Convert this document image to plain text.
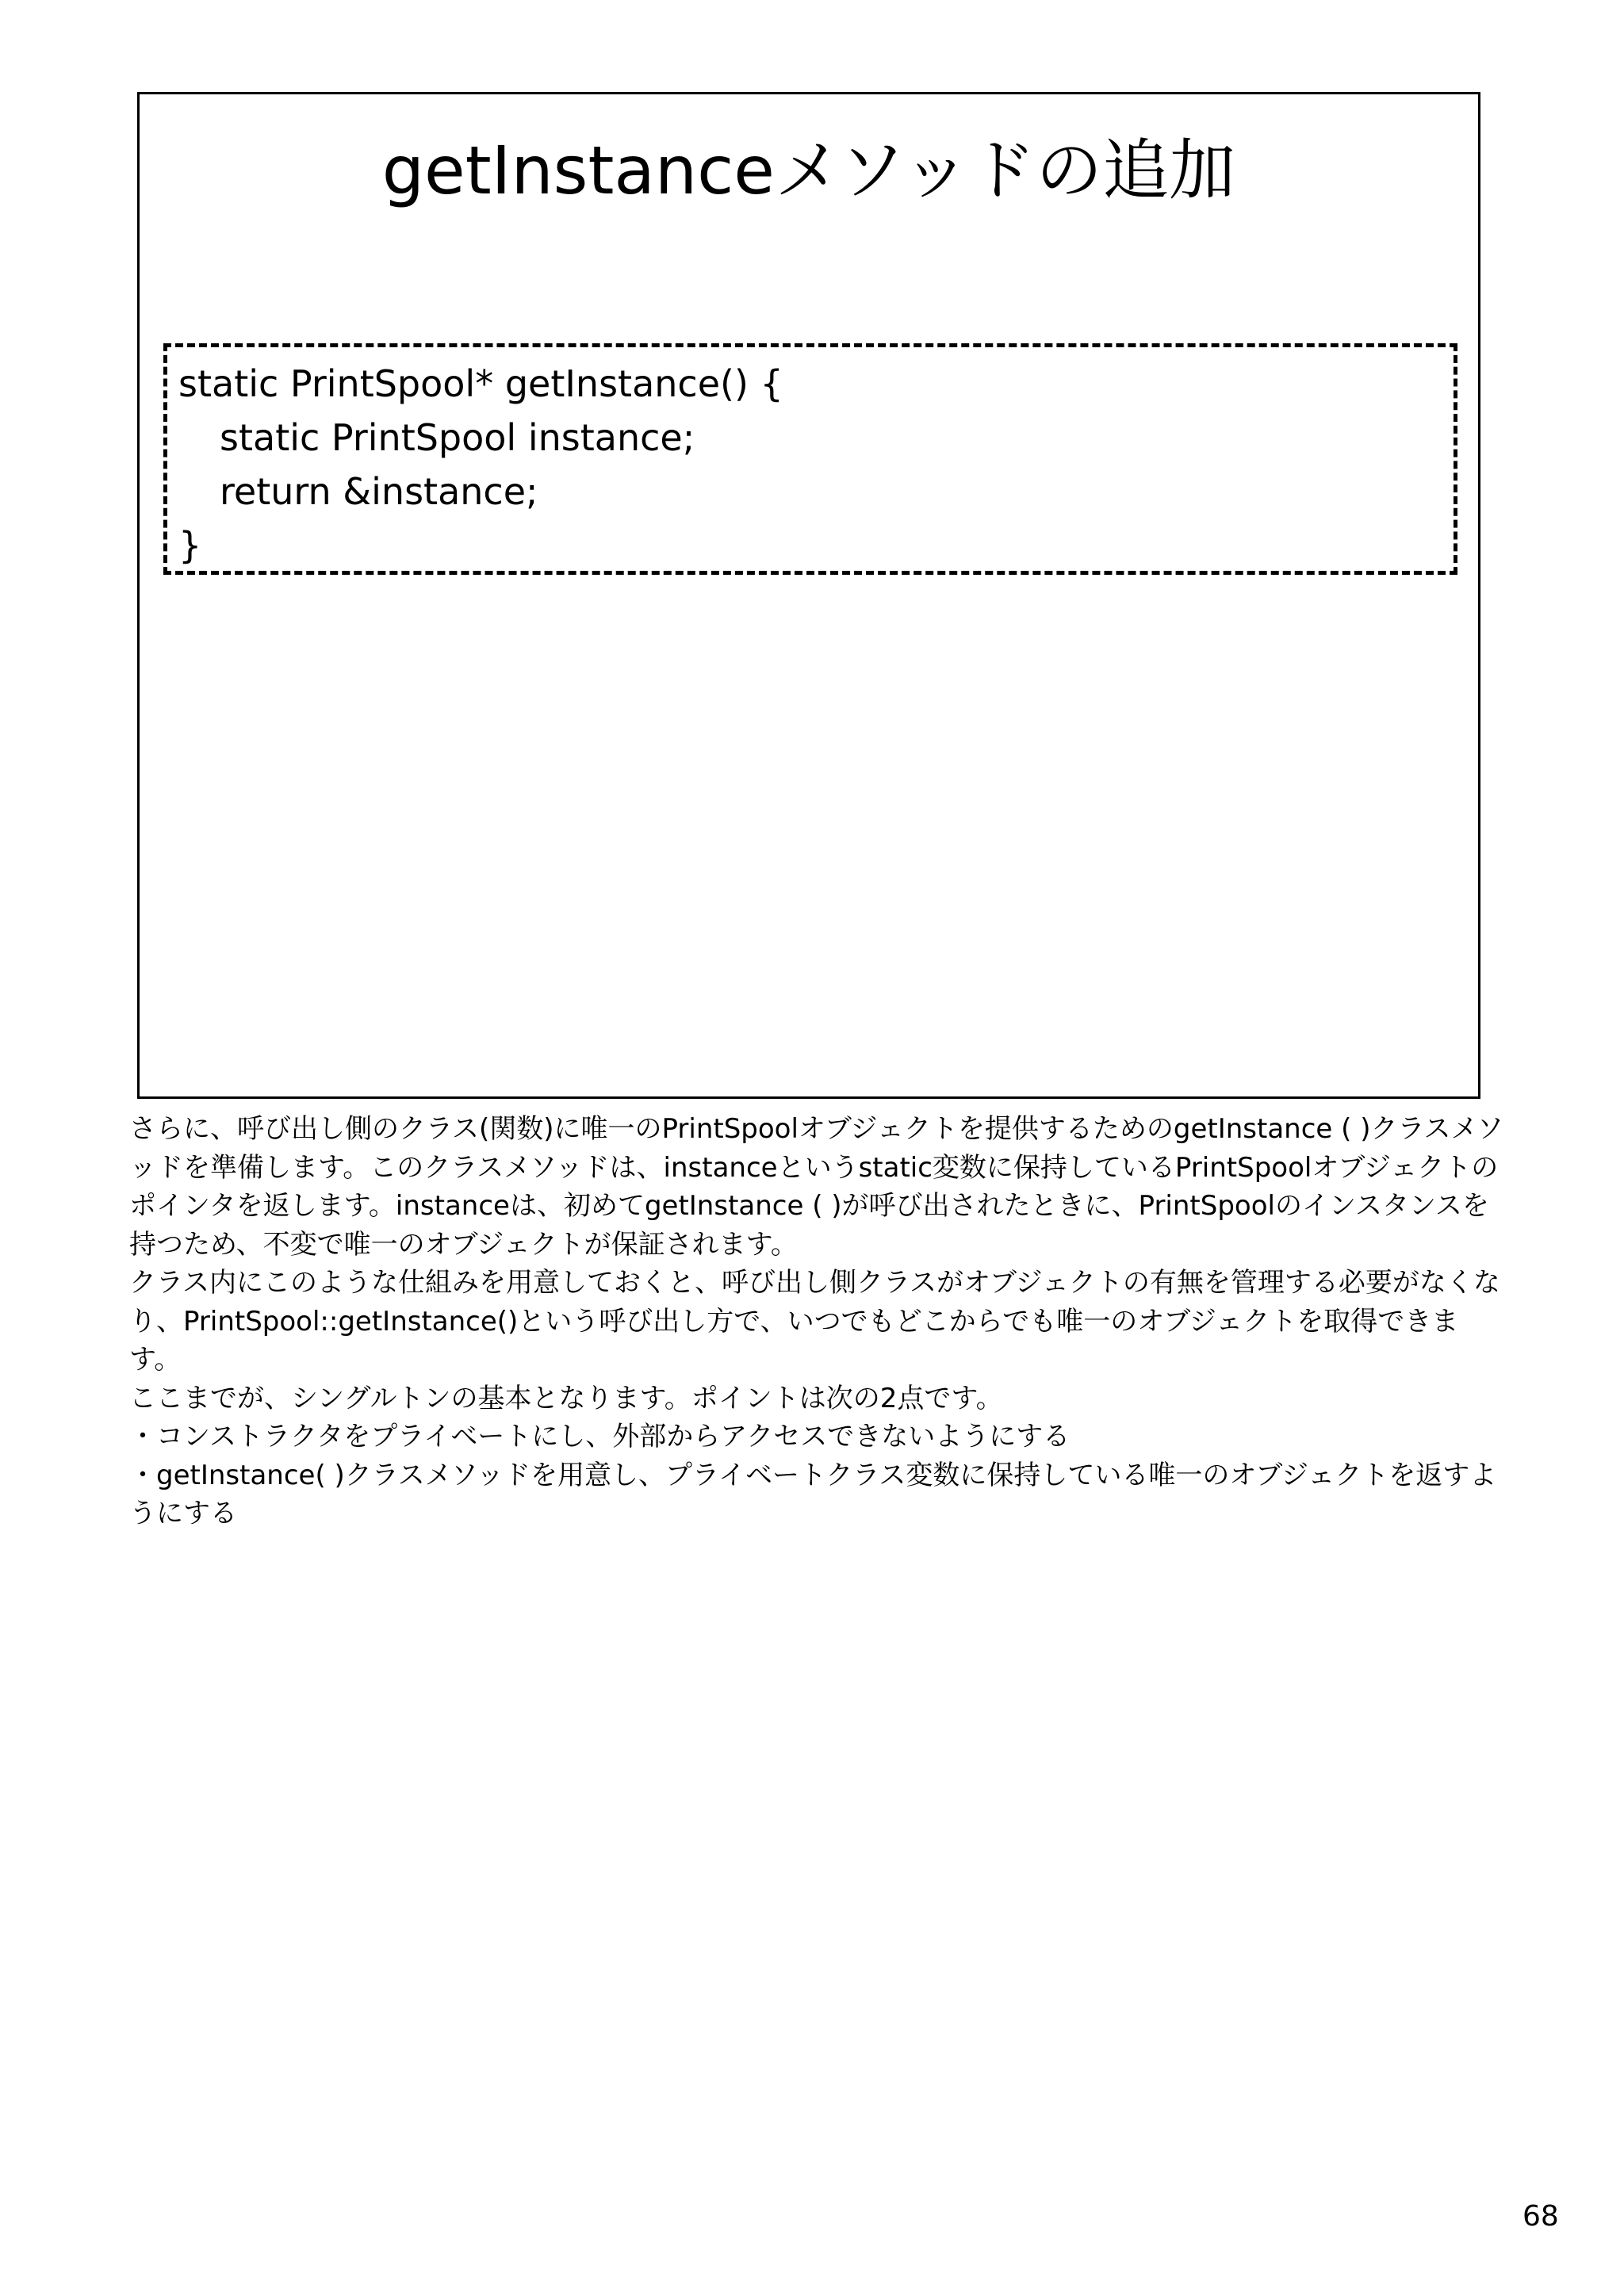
getInstanceメソッドの追加
static PrintSpool* getInstance() {
static PrintSpool instance;
return &instance;
}

さらに、呼び出し側のクラス(関数)に唯一のPrintSpoolオブジェクトを提供するためのgetInstance ( )クラスメソッドを準備します。このクラスメソッドは、instanceというstatic変数に保持しているPrintSpoolオブジェクトのポインタを返します。instanceは、初めてgetInstance ( )が呼び出されたときに、PrintSpoolのインスタンスを持つため、不変で唯一のオブジェクトが保証されます。

クラス内にこのような仕組みを用意しておくと、呼び出し側クラスがオブジェクトの有無を管理する必要がなくなり、PrintSpool::getInstance()という呼び出し方で、いつでもどこからでも唯一のオブジェクトを取得できます。

ここまでが、シングルトンの基本となります。ポイントは次の2点です。

・コンストラクタをプライベートにし、外部からアクセスできないようにする

・getInstance( )クラスメソッドを用意し、プライベートクラス変数に保持している唯一のオブジェクトを返すようにする

68
